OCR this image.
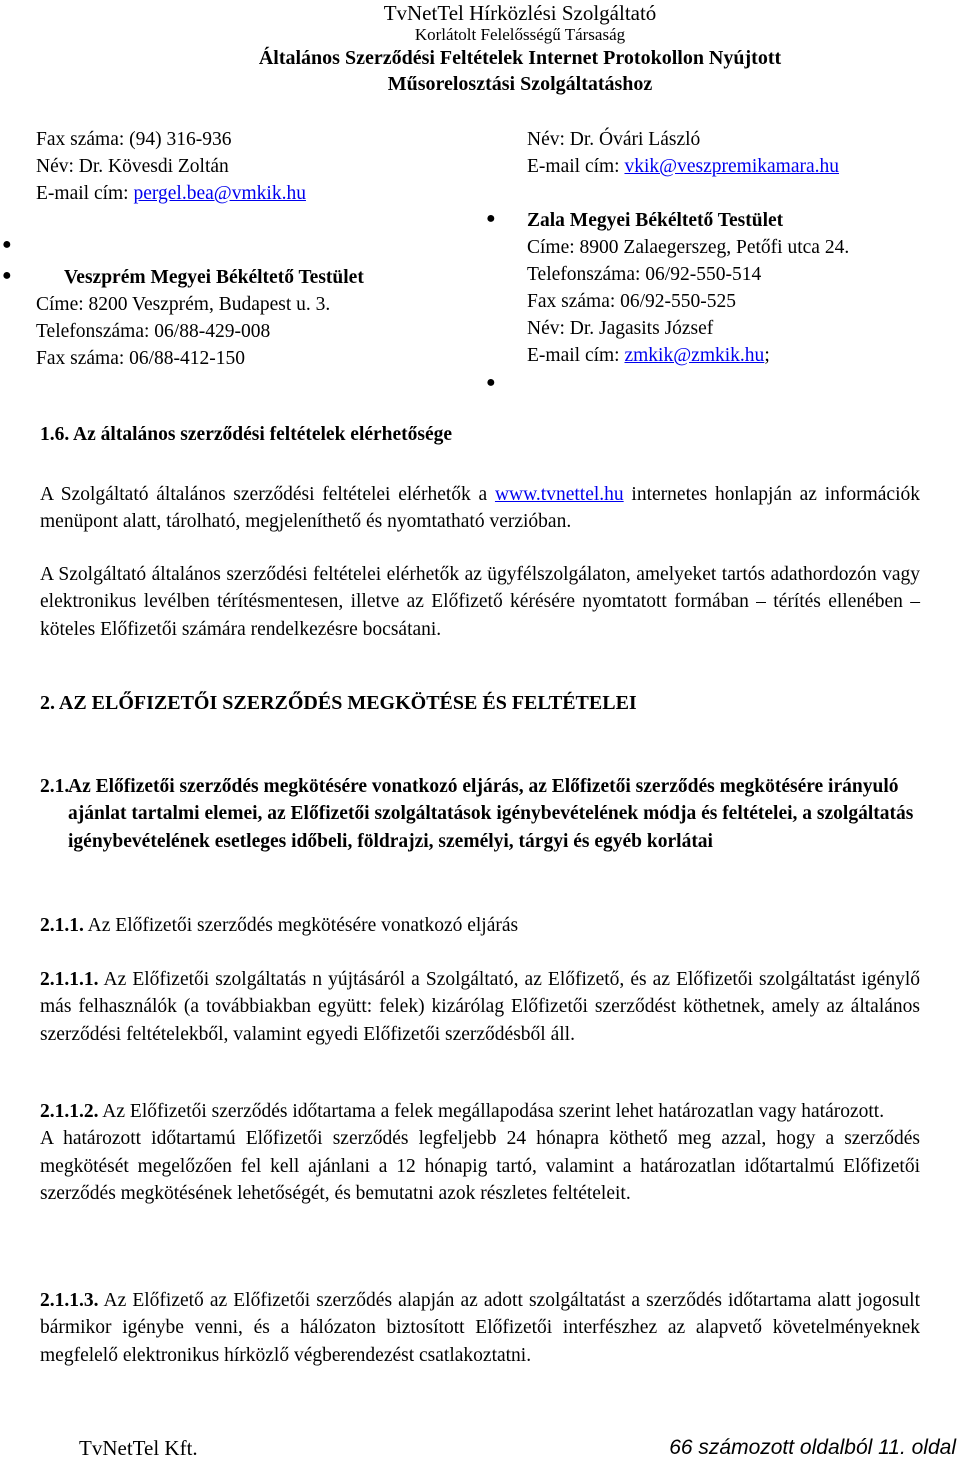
TvNetTel Hírközlési Szolgáltató
Korlátolt Felelősségű Társaság
Általános Szerződési Feltételek Internet Protokollon Nyújtott
Műsorelosztási Szolgáltatáshoz
Fax száma: (94) 316-936
Név: Dr. Kövesdi Zoltán
E-mail cím: pergel.bea@vmkik.hu
●
●	Veszprém Megyei Békéltető Testület
Címe: 8200 Veszprém, Budapest u. 3.
Telefonszáma: 06/88-429-008
Fax száma: 06/88-412-150
Név: Dr. Óvári László
E-mail cím: vkik@veszpremikamara.hu
● Zala Megyei Békéltető Testület
Címe: 8900 Zalaegerszeg, Petőfi utca 24.
Telefonszáma: 06/92-550-514
Fax száma: 06/92-550-525
Név: Dr. Jagasits József
E-mail cím: zmkik@zmkik.hu;
●
1.6. Az általános szerződési feltételek elérhetősége
A Szolgáltató általános szerződési feltételei elérhetők a www.tvnettel.hu internetes honlapján az információk menüpont alatt, tárolható, megjeleníthető és nyomtatható verzióban.
A Szolgáltató általános szerződési feltételei elérhetők az ügyfélszolgálaton, amelyeket tartós adathordozón vagy elektronikus levélben térítésmentesen, illetve az Előfizető kérésére nyomtatott formában – térítés ellenében – köteles Előfizetői számára rendelkezésre bocsátani.
2. AZ ELŐFIZETŐI SZERZŐDÉS MEGKÖTÉSE ÉS FELTÉTELEI
2.1.
Az Előfizetői szerződés megkötésére vonatkozó eljárás, az Előfizetői szerződés megkötésére irányuló ajánlat tartalmi elemei, az Előfizetői szolgáltatások igénybevételének módja és feltételei, a szolgáltatás igénybevételének esetleges időbeli, földrajzi, személyi, tárgyi és egyéb korlátai
2.1.1. Az Előfizetői szerződés megkötésére vonatkozó eljárás
2.1.1.1. Az Előfizetői szolgáltatás n yújtásáról a Szolgáltató, az Előfizető, és az Előfizetői szolgáltatást igénylő más felhasználók (a továbbiakban együtt: felek) kizárólag Előfizetői szerződést köthetnek, amely az általános szerződési feltételekből, valamint egyedi Előfizetői szerződésből áll.
2.1.1.2. Az Előfizetői szerződés időtartama a felek megállapodása szerint lehet határozatlan vagy határozott.
A határozott időtartamú Előfizetői szerződés legfeljebb 24 hónapra köthető meg azzal, hogy a szerződés megkötését megelőzően fel kell ajánlani a 12 hónapig tartó, valamint a határozatlan időtartalmú Előfizetői szerződés megkötésének lehetőségét, és bemutatni azok részletes feltételeit.
2.1.1.3. Az Előfizető az Előfizetői szerződés alapján az adott szolgáltatást a szerződés időtartama alatt jogosult bármikor igénybe venni, és a hálózaton biztosított Előfizetői interfészhez az alapvető követelményeknek megfelelő elektronikus hírközlő végberendezést csatlakoztatni.
TvNetTel Kft.	66 számozott oldalból 11. oldal
